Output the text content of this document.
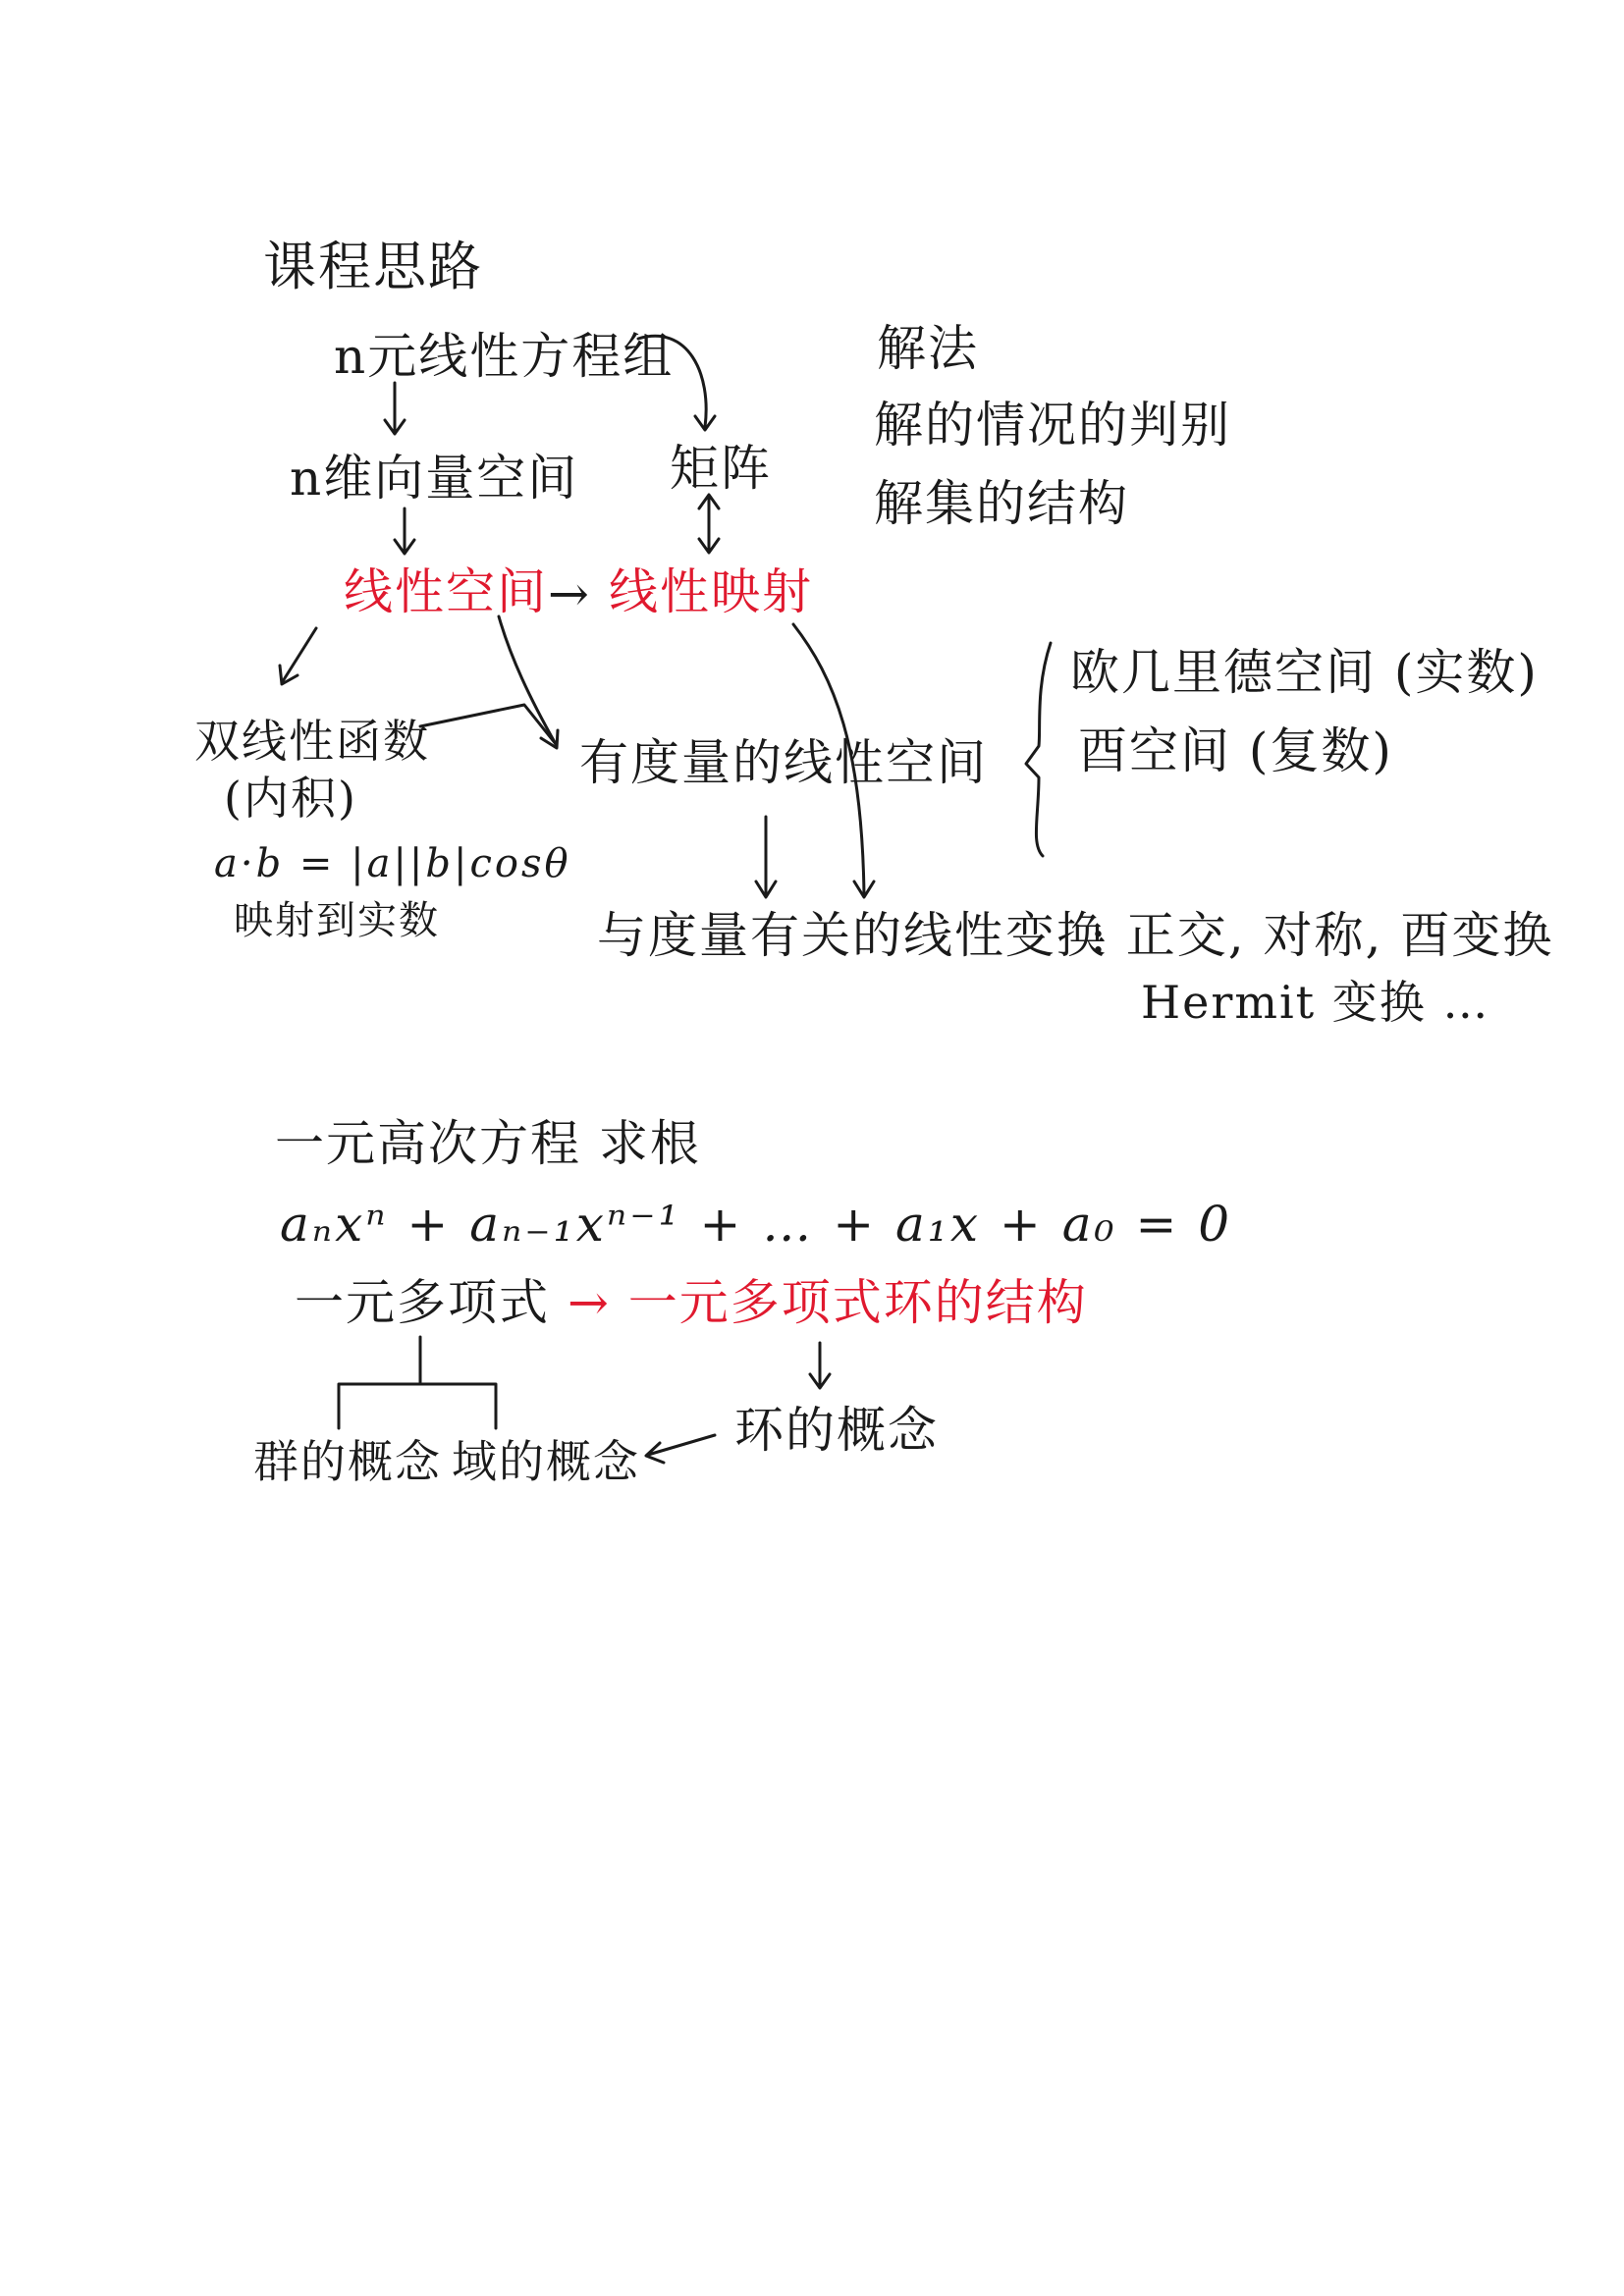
课程思路
n元线性方程组
n维向量空间 矩阵
解法
解的情况的判别
解集的结构
线性空间 → 线性映射
双线性函数
(内积)
a·b = |a||b|cosθ
映射到实数
有度量的线性空间
欧几里德空间 (实数)
酉空间 (复数)
与度量有关的线性变换
: 正交, 对称, 酉变换
Hermit 变换 …
一元高次方程 求根
aₙxⁿ + aₙ₋₁xⁿ⁻¹ + … + a₁x + a₀ = 0
一元多项式 → 一元多项式环的结构
环的概念
群的概念 域的概念
